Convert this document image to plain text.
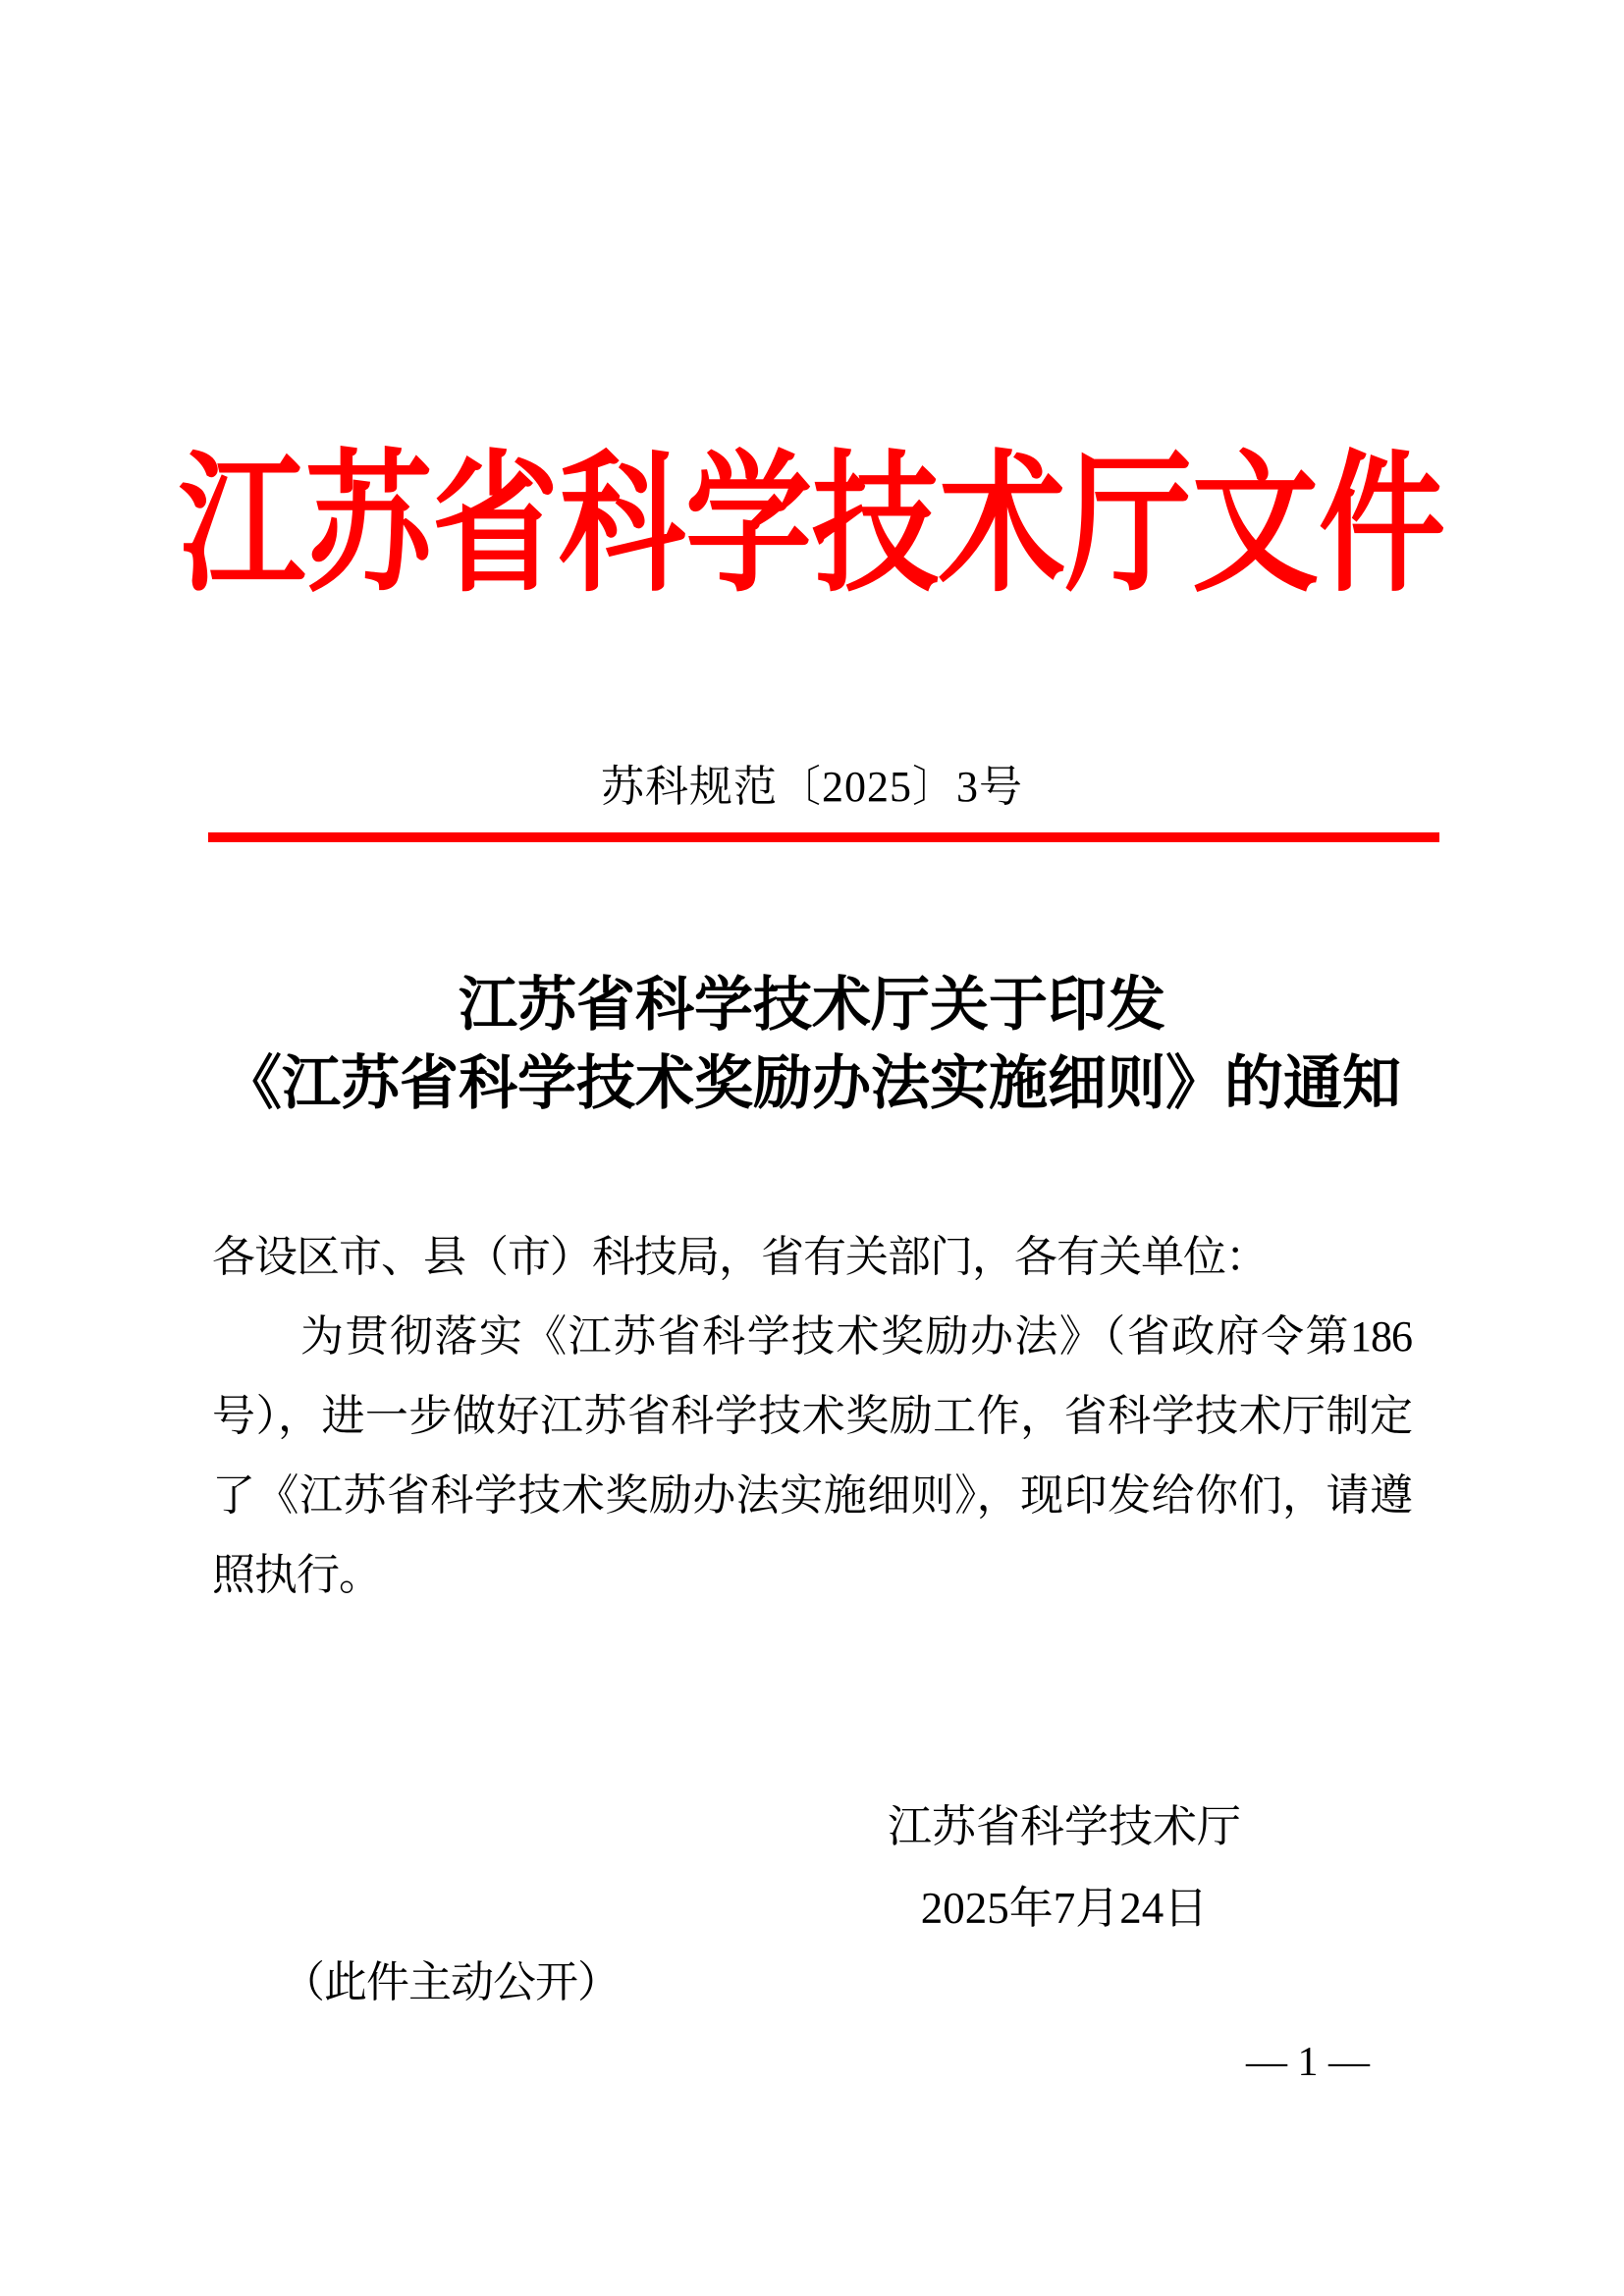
江苏省科学技术厅文件
苏科规范〔2025〕3号
江苏省科学技术厅关于印发
《江苏省科学技术奖励办法实施细则》的通知
各设区市、县（市）科技局，省有关部门，各有关单位：
为贯彻落实《江苏省科学技术奖励办法》（省政府令第186
号），进一步做好江苏省科学技术奖励工作，省科学技术厅制定
了《江苏省科学技术奖励办法实施细则》，现印发给你们，请遵
照执行。
江苏省科学技术厅
2025年7月24日
（此件主动公开）
— 1 —
